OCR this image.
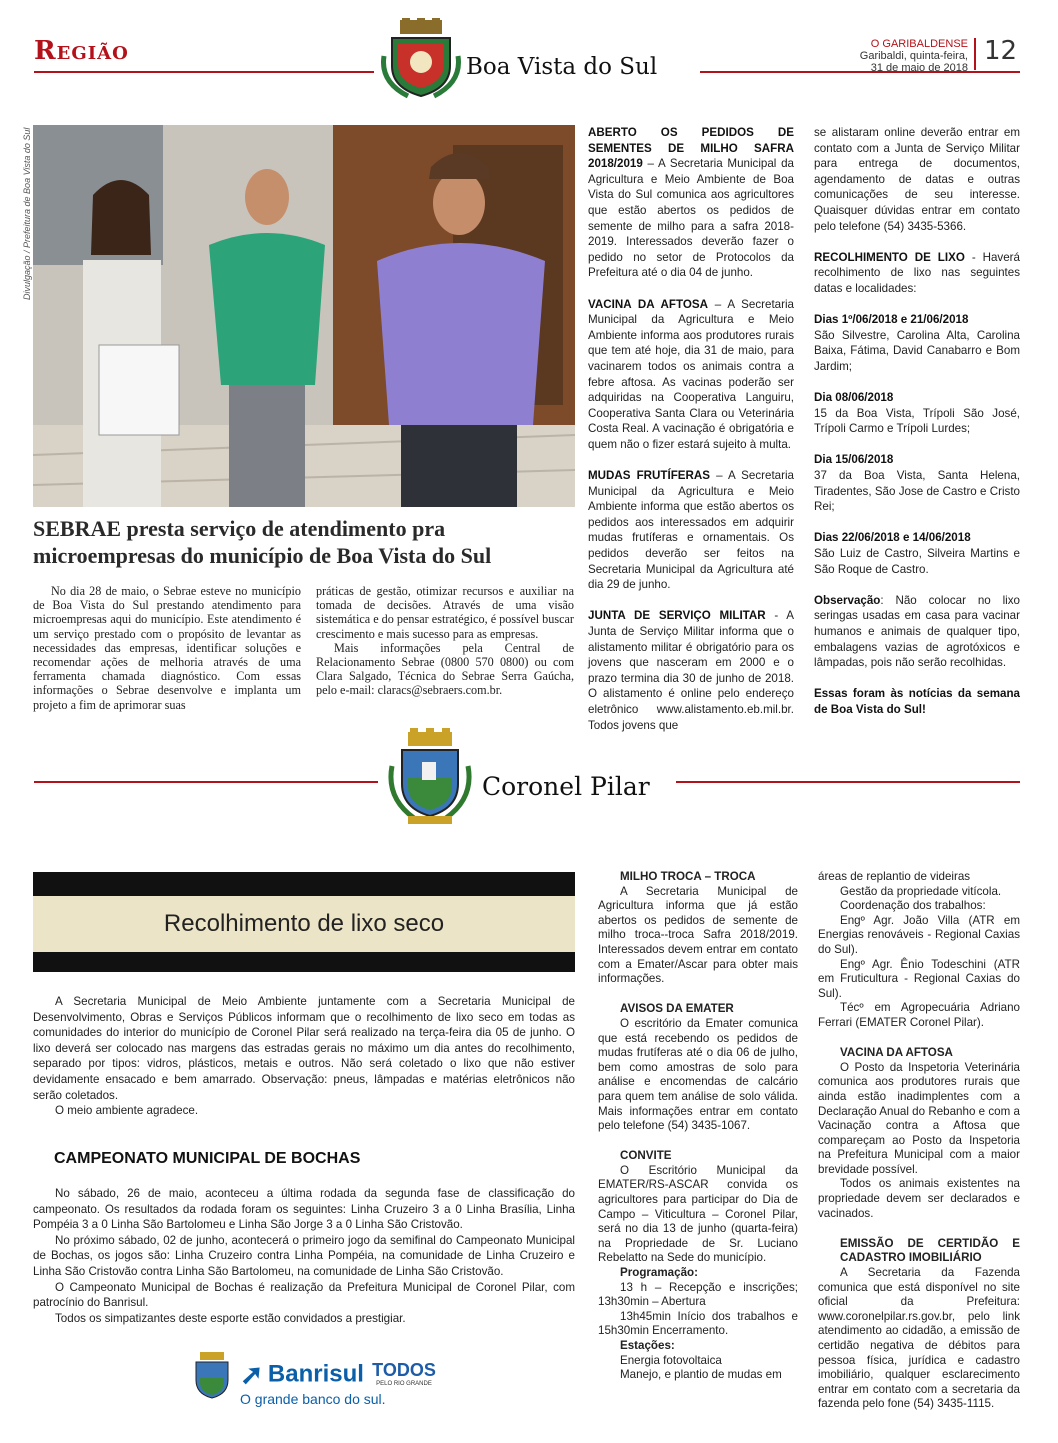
Região
Boa Vista do Sul
O GARIBALDENSE
Garibaldi, quinta-feira,
31 de maio de 2018
12
Divulgação / Prefeitura de Boa Vista do Sul
SEBRAE presta serviço de atendimento pra
microempresas do município de Boa Vista do Sul

No dia 28 de maio, o Sebrae esteve no município de Boa Vista do Sul prestando atendimento para microempresas aqui do município. Este atendimento é um serviço prestado com o propósito de levantar as necessidades das empresas, identificar soluções e recomendar ações de melhoria através de uma ferramenta chamada diagnóstico. Com essas informações o Sebrae desenvolve e implanta um projeto a fim de aprimorar suas

práticas de gestão, otimizar recursos e auxiliar na tomada de decisões. Através de uma visão sistemática e do pensar estratégico, é possível buscar crescimento e mais sucesso para as empresas.

Mais informações pela Central de Relacionamento Sebrae (0800 570 0800) ou com Clara Salgado, Técnica do Sebrae Serra Gaúcha, pelo e-mail: claracs@sebraers.com.br.

ABERTO OS PEDIDOS DE SEMENTES DE MILHO SAFRA 2018/2019 – A Secretaria Municipal da Agricultura e Meio Ambiente de Boa Vista do Sul comunica aos agricultores que estão abertos os pedidos de semente de milho para a safra 2018-2019. Interessados deverão fazer o pedido no setor de Protocolos da Prefeitura até o dia 04 de junho.

VACINA DA AFTOSA – A Secretaria Municipal da Agricultura e Meio Ambiente informa aos produtores rurais que tem até hoje, dia 31 de maio, para vacinarem todos os animais contra a febre aftosa. As vacinas poderão ser adquiridas na Cooperativa Languiru, Cooperativa Santa Clara ou Veterinária Costa Real. A vacinação é obrigatória e quem não o fizer estará sujeito à multa.

MUDAS FRUTÍFERAS – A Secretaria Municipal da Agricultura e Meio Ambiente informa que estão abertos os pedidos aos interessados em adquirir mudas frutíferas e ornamentais. Os pedidos deverão ser feitos na Secretaria Municipal da Agricultura até dia 29 de junho.

JUNTA DE SERVIÇO MILITAR - A Junta de Serviço Militar informa que o alistamento militar é obrigatório para os jovens que nasceram em 2000 e o prazo termina dia 30 de junho de 2018. O alistamento é online pelo endereço eletrônico www.alistamento.eb.mil.br. Todos jovens que

se alistaram online deverão entrar em contato com a Junta de Serviço Militar para entrega de documentos, agendamento de datas e outras comunicações de seu interesse. Quaisquer dúvidas entrar em contato pelo telefone (54) 3435-5366.

RECOLHIMENTO DE LIXO - Haverá recolhimento de lixo nas seguintes datas e localidades:

Dias 1º/06/2018 e 21/06/2018
São Silvestre, Carolina Alta, Carolina Baixa, Fátima, David Canabarro e Bom Jardim;

Dia 08/06/2018
15 da Boa Vista, Trípoli São José, Trípoli Carmo e Trípoli Lurdes;

Dia 15/06/2018
37 da Boa Vista, Santa Helena, Tiradentes, São Jose de Castro e Cristo Rei;

Dias 22/06/2018 e 14/06/2018
São Luiz de Castro, Silveira Martins e São Roque de Castro.

Observação: Não colocar no lixo seringas usadas em casa para vacinar humanos e animais de qualquer tipo, embalagens vazias de agrotóxicos e lâmpadas, pois não serão recolhidas.

Essas foram às notícias da semana de Boa Vista do Sul!

Coronel Pilar
Recolhimento de lixo seco

A Secretaria Municipal de Meio Ambiente juntamente com a Secretaria Municipal de Desenvolvimento, Obras e Serviços Públicos informam que o recolhimento de lixo seco em todas as comunidades do interior do município de Coronel Pilar será realizado na terça-feira dia 05 de junho. O lixo deverá ser colocado nas margens das estradas gerais no máximo um dia antes do recolhimento, separado por tipos: vidros, plásticos, metais e outros. Não será coletado o lixo que não estiver devidamente ensacado e bem amarrado. Observação: pneus, lâmpadas e matérias eletrônicos não serão coletados.

O meio ambiente agradece.

CAMPEONATO MUNICIPAL DE BOCHAS

No sábado, 26 de maio, aconteceu a última rodada da segunda fase de classificação do campeonato. Os resultados da rodada foram os seguintes: Linha Cruzeiro 3 a 0 Linha Brasília, Linha Pompéia 3 a 0 Linha São Bartolomeu e Linha São Jorge 3 a 0 Linha São Cristovão.

No próximo sábado, 02 de junho, acontecerá o primeiro jogo da semifinal do Campeonato Municipal de Bochas, os jogos são: Linha Cruzeiro contra Linha Pompéia, na comunidade de Linha Cruzeiro e Linha São Cristovão contra Linha São Bartolomeu, na comunidade de Linha São Cristovão.

O Campeonato Municipal de Bochas é realização da Prefeitura Municipal de Coronel Pilar, com patrocínio do Banrisul.

Todos os simpatizantes deste esporte estão convidados a prestigiar.

➚ Banrisul
O grande banco do sul.
TODOS
PELO RIO GRANDE
MILHO TROCA – TROCA

A Secretaria Municipal de Agricultura informa que já estão abertos os pedidos de semente de milho troca--troca Safra 2018/2019. Interessados devem entrar em contato com a Emater/Ascar para obter mais informações.

AVISOS DA EMATER

O escritório da Emater comunica que está recebendo os pedidos de mudas frutíferas até o dia 06 de julho, bem como amostras de solo para análise e encomendas de calcário para quem tem análise de solo válida. Mais informações entrar em contato pelo telefone (54) 3435-1067.

CONVITE
O Escritório Municipal da EMATER/RS-ASCAR convida os agricultores para participar do Dia de Campo – Viticultura – Coronel Pilar, será no dia 13 de junho (quarta-feira) na Propriedade de Sr. Luciano Rebelatto na Sede do município.
Programação:
13 h – Recepção e inscrições; 13h30min – Abertura
13h45min Início dos trabalhos e 15h30min Encerramento.
Estações:
Energia fotovoltaica
Manejo, e plantio de mudas em
áreas de replantio de videiras
Gestão da propriedade vitícola.
Coordenação dos trabalhos:
Engº Agr. João Villa (ATR em Energias renováveis - Regional Caxias do Sul).
Engº Agr. Ênio Todeschini (ATR em Fruticultura - Regional Caxias do Sul).

Técº em Agropecuária Adriano Ferrari (EMATER Coronel Pilar).

VACINA DA AFTOSA
O Posto da Inspetoria Veterinária comunica aos produtores rurais que ainda estão inadimplentes com a Declaração Anual do Rebanho e com a Vacinação contra a Aftosa que compareçam ao Posto da Inspetoria na Prefeitura Municipal com a maior brevidade possível.

Todos os animais existentes na propriedade devem ser declarados e vacinados.

EMISSÃO DE CERTIDÃO E CADASTRO IMOBILIÁRIO
A Secretaria da Fazenda comunica que está disponível no site oficial da Prefeitura: www.coronelpilar.rs.gov.br, pelo link atendimento ao cidadão, a emissão de certidão negativa de débitos para pessoa física, jurídica e cadastro imobiliário, qualquer esclarecimento entrar em contato com a secretaria da fazenda pelo fone (54) 3435-1115.
